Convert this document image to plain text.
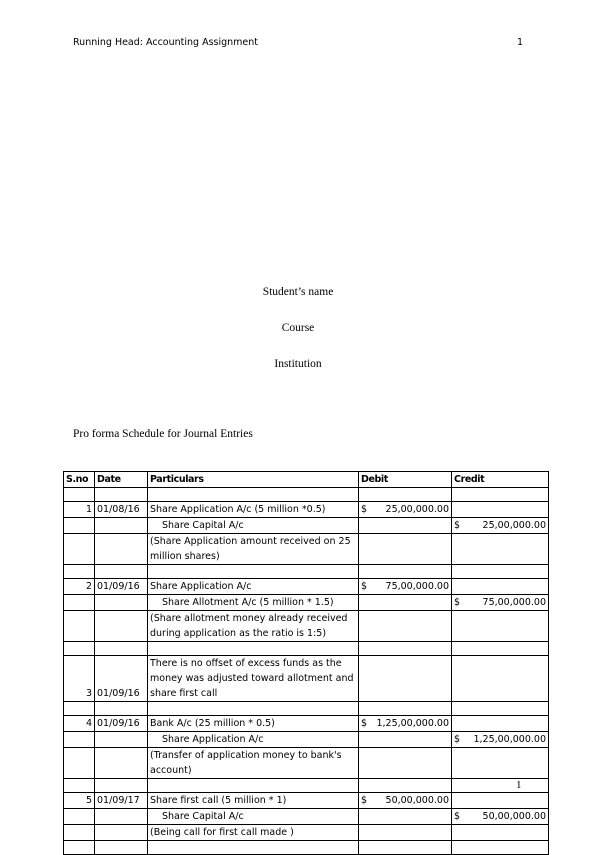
Running Head: Accounting Assignment	1
Student’s name
Course
Institution
Pro forma Schedule for Journal Entries
S.no	Date	Particulars	Debit	Credit

1	01/08/16	Share Application A/c (5 million *0.5)	$ 25,00,000.00	

		Share Capital A/c		$ 25,00,000.00

		(Share Application amount received on 25 million shares)		

2	01/09/16	Share Application A/c	$ 75,00,000.00	

		Share Allotment A/c (5 million * 1.5)		$ 75,00,000.00

		(Share allotment money already received during application as the ratio is 1:5)		

3	01/09/16	There is no offset of excess funds as the money was adjusted toward allotment and share first call		

4	01/09/16	Bank A/c (25 million * 0.5)	$ 1,25,00,000.00	

		Share Application A/c		$ 1,25,00,000.00

		(Transfer of application money to bank's account)		

5	01/09/17	Share first call (5 million * 1)	$ 50,00,000.00	

		Share Capital A/c		$ 50,00,000.00

		(Being call for first call made )		

1
